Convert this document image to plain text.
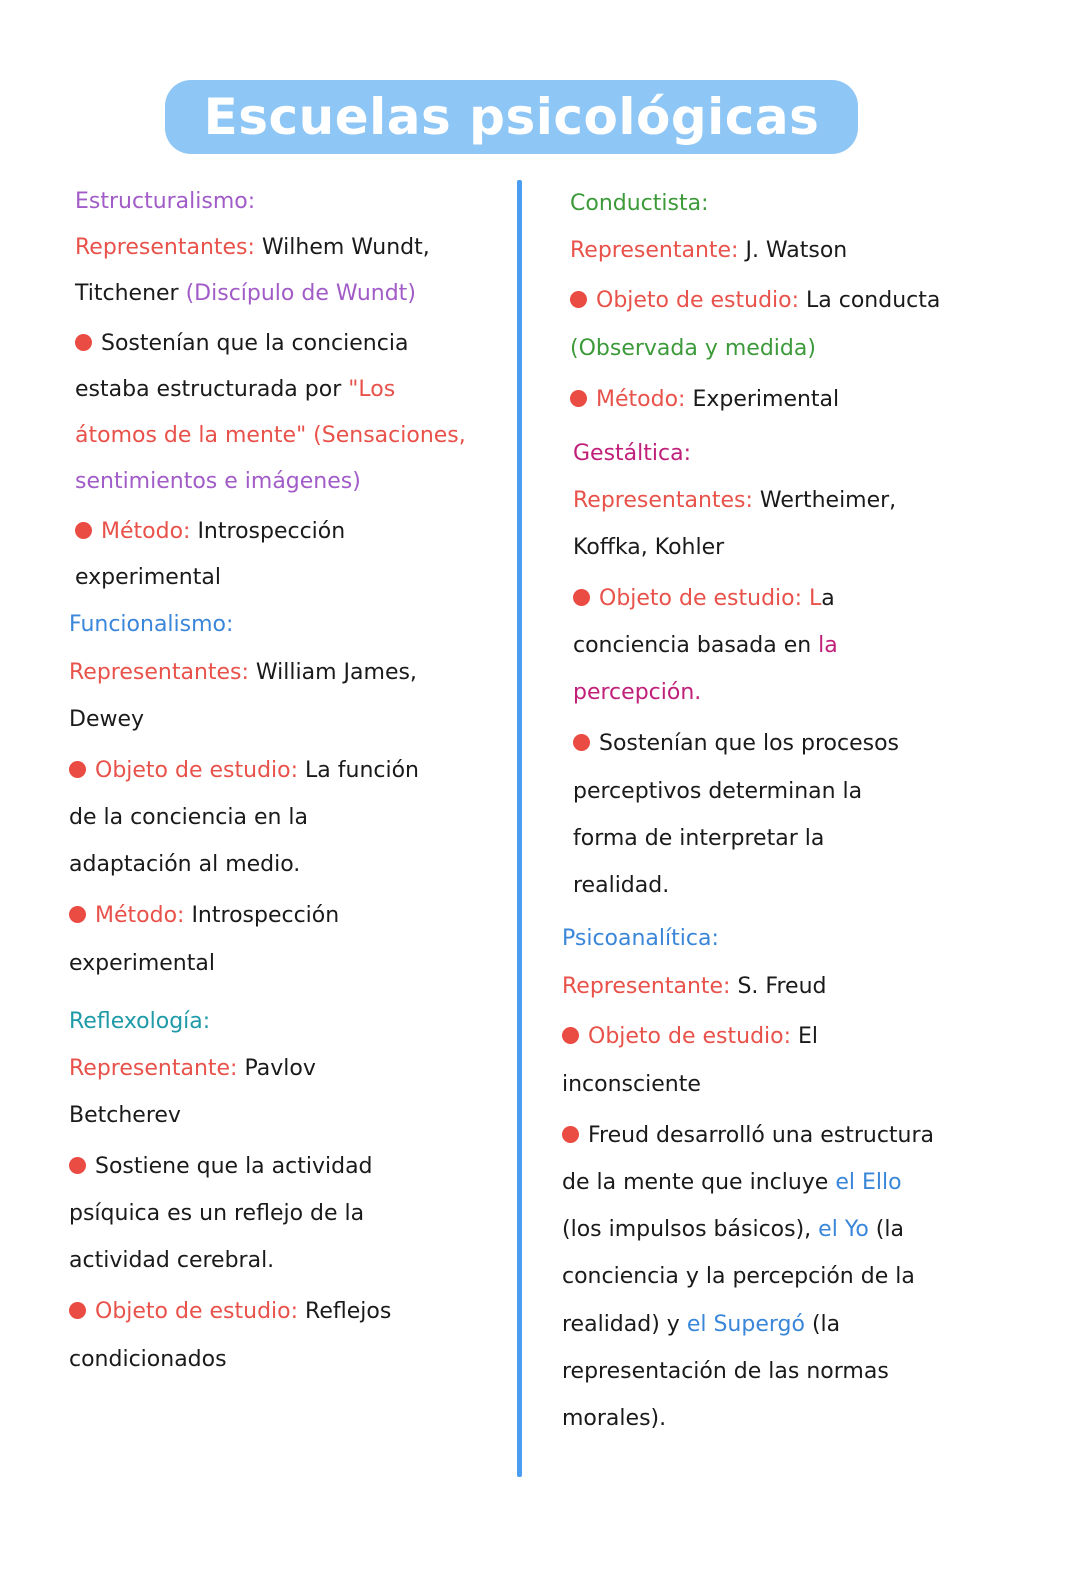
Escuelas psicológicas
Estructuralismo:
Representantes: Wilhem Wundt,
Titchener (Discípulo de Wundt)
Sostenían que la conciencia
estaba estructurada por "Los
átomos de la mente" (Sensaciones,
sentimientos e imágenes)
Método: Introspección
experimental
Funcionalismo:
Representantes: William James,
Dewey
Objeto de estudio: La función
de la conciencia en la
adaptación al medio.
Método: Introspección
experimental
Reflexología:
Representante: Pavlov
Betcherev
Sostiene que la actividad
psíquica es un reflejo de la
actividad cerebral.
Objeto de estudio: Reflejos
condicionados
Conductista:
Representante: J. Watson
Objeto de estudio: La conducta
(Observada y medida)
Método: Experimental
Gestáltica:
Representantes: Wertheimer,
Koffka, Kohler
Objeto de estudio: La
conciencia basada en la
percepción.
Sostenían que los procesos
perceptivos determinan la
forma de interpretar la
realidad.
Psicoanalítica:
Representante: S. Freud
Objeto de estudio: El
inconsciente
Freud desarrolló una estructura
de la mente que incluye el Ello
(los impulsos básicos), el Yo (la
conciencia y la percepción de la
realidad) y el Supergó (la
representación de las normas
morales).
